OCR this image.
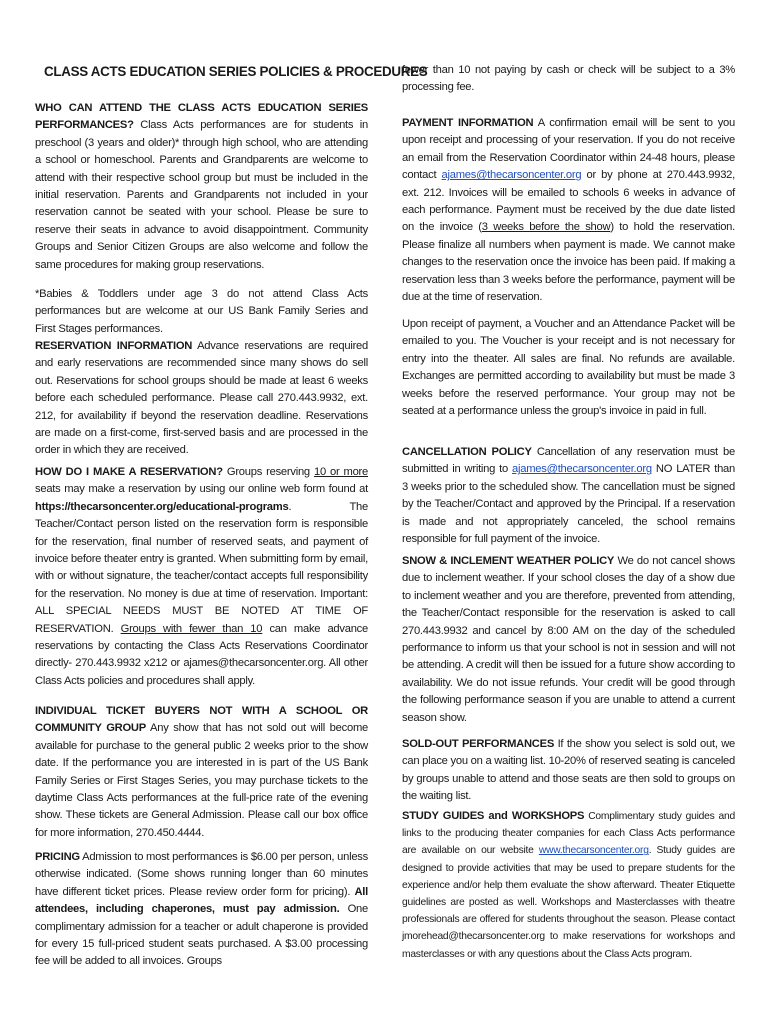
CLASS ACTS EDUCATION SERIES POLICIES & PROCEDURES

WHO CAN ATTEND THE CLASS ACTS EDUCATION SERIES PERFORMANCES? Class Acts performances are for students in preschool (3 years and older)* through high school, who are attending a school or homeschool. Parents and Grandparents are welcome to attend with their respective school group but must be included in the initial reservation. Parents and Grandparents not included in your reservation cannot be seated with your school. Please be sure to reserve their seats in advance to avoid disappointment. Community Groups and Senior Citizen Groups are also welcome and follow the same procedures for making group reservations.

*Babies & Toddlers under age 3 do not attend Class Acts performances but are welcome at our US Bank Family Series and First Stages performances.

RESERVATION INFORMATION Advance reservations are required and early reservations are recommended since many shows do sell out. Reservations for school groups should be made at least 6 weeks before each scheduled performance. Please call 270.443.9932, ext. 212, for availability if beyond the reservation deadline. Reservations are made on a first-come, first-served basis and are processed in the order in which they are received.

HOW DO I MAKE A RESERVATION? Groups reserving 10 or more seats may make a reservation by using our online web form found at https://thecarsoncenter.org/educational-programs. The Teacher/Contact person listed on the reservation form is responsible for the reservation, final number of reserved seats, and payment of invoice before theater entry is granted. When submitting form by email, with or without signature, the teacher/contact accepts full responsibility for the reservation. No money is due at time of reservation. Important: ALL SPECIAL NEEDS MUST BE NOTED AT TIME OF RESERVATION. Groups with fewer than 10 can make advance reservations by contacting the Class Acts Reservations Coordinator directly- 270.443.9932 x212 or ajames@thecarsoncenter.org. All other Class Acts policies and procedures shall apply.

INDIVIDUAL TICKET BUYERS NOT WITH A SCHOOL OR COMMUNITY GROUP Any show that has not sold out will become available for purchase to the general public 2 weeks prior to the show date. If the performance you are interested in is part of the US Bank Family Series or First Stages Series, you may purchase tickets to the daytime Class Acts performances at the full-price rate of the evening show. These tickets are General Admission. Please call our box office for more information, 270.450.4444.

PRICING Admission to most performances is $6.00 per person, unless otherwise indicated. (Some shows running longer than 60 minutes have different ticket prices. Please review order form for pricing). All attendees, including chaperones, must pay admission. One complimentary admission for a teacher or adult chaperone is provided for every 15 full-priced student seats purchased. A $3.00 processing fee will be added to all invoices. Groups

fewer than 10 not paying by cash or check will be subject to a 3% processing fee.

PAYMENT INFORMATION A confirmation email will be sent to you upon receipt and processing of your reservation. If you do not receive an email from the Reservation Coordinator within 24-48 hours, please contact ajames@thecarsoncenter.org or by phone at 270.443.9932, ext. 212. Invoices will be emailed to schools 6 weeks in advance of each performance. Payment must be received by the due date listed on the invoice (3 weeks before the show) to hold the reservation. Please finalize all numbers when payment is made. We cannot make changes to the reservation once the invoice has been paid. If making a reservation less than 3 weeks before the performance, payment will be due at the time of reservation.

Upon receipt of payment, a Voucher and an Attendance Packet will be emailed to you. The Voucher is your receipt and is not necessary for entry into the theater. All sales are final. No refunds are available. Exchanges are permitted according to availability but must be made 3 weeks before the reserved performance. Your group may not be seated at a performance unless the group's invoice in paid in full.

CANCELLATION POLICY Cancellation of any reservation must be submitted in writing to ajames@thecarsoncenter.org NO LATER than 3 weeks prior to the scheduled show. The cancellation must be signed by the Teacher/Contact and approved by the Principal. If a reservation is made and not appropriately canceled, the school remains responsible for full payment of the invoice.

SNOW & INCLEMENT WEATHER POLICY We do not cancel shows due to inclement weather. If your school closes the day of a show due to inclement weather and you are therefore, prevented from attending, the Teacher/Contact responsible for the reservation is asked to call 270.443.9932 and cancel by 8:00 AM on the day of the scheduled performance to inform us that your school is not in session and will not be attending. A credit will then be issued for a future show according to availability. We do not issue refunds. Your credit will be good through the following performance season if you are unable to attend a current season show.

SOLD-OUT PERFORMANCES If the show you select is sold out, we can place you on a waiting list. 10-20% of reserved seating is canceled by groups unable to attend and those seats are then sold to groups on the waiting list.

STUDY GUIDES and WORKSHOPS Complimentary study guides and links to the producing theater companies for each Class Acts performance are available on our website www.thecarsoncenter.org. Study guides are designed to provide activities that may be used to prepare students for the experience and/or help them evaluate the show afterward. Theater Etiquette guidelines are posted as well. Workshops and Masterclasses with theatre professionals are offered for students throughout the season. Please contact jmorehead@thecarsoncenter.org to make reservations for workshops and masterclasses or with any questions about the Class Acts program.
